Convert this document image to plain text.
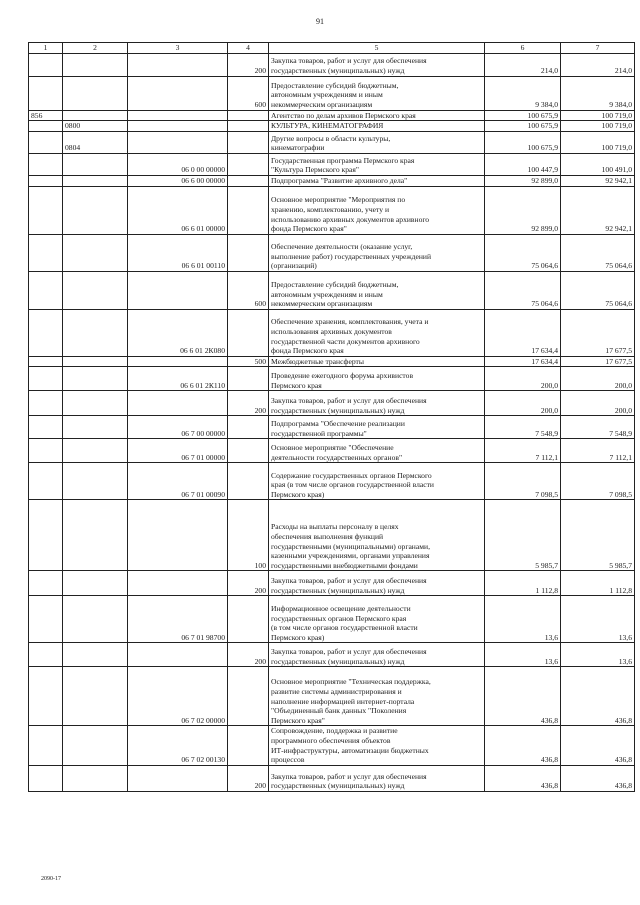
91
1	2	3	4	5	6	7
			200	Закупка товаров, работ и услуг для обеспечения
государственных (муниципальных) нужд	214,0	214,0
			600	Предоставление субсидий бюджетным,
автономным учреждениям и иным
некоммерческим организациям	9 384,0	9 384,0
856				Агентство по делам архивов Пермского края	100 675,9	100 719,0
	0800			КУЛЬТУРА, КИНЕМАТОГРАФИЯ	100 675,9	100 719,0
	0804			Другие вопросы в области культуры,
кинематографии	100 675,9	100 719,0
		06 0 00 00000		Государственная программа Пермского края
"Культура Пермского края"	100 447,9	100 491,0
		06 6 00 00000		Подпрограмма "Развитие архивного дела"	92 899,0	92 942,1
		06 6 01 00000		Основное мероприятие "Мероприятия по
хранению, комплектованию, учету и
использованию архивных документов архивного
фонда Пермского края"	92 899,0	92 942,1
		06 6 01 00110		Обеспечение деятельности (оказание услуг,
выполнение работ) государственных учреждений
(организаций)	75 064,6	75 064,6
			600	Предоставление субсидий бюджетным,
автономным учреждениям и иным
некоммерческим организациям	75 064,6	75 064,6
		06 6 01 2К080		Обеспечение хранения, комплектования, учета и
использования архивных документов
государственной части документов архивного
фонда Пермского края	17 634,4	17 677,5
			500	Межбюджетные трансферты	17 634,4	17 677,5
		06 6 01 2К110		Проведение ежегодного форума архивистов
Пермского края	200,0	200,0
			200	Закупка товаров, работ и услуг для обеспечения
государственных (муниципальных) нужд	200,0	200,0
		06 7 00 00000		Подпрограмма "Обеспечение реализации
государственной программы"	7 548,9	7 548,9
		06 7 01 00000		Основное мероприятие "Обеспечение
деятельности государственных органов"	7 112,1	7 112,1
		06 7 01 00090		Содержание государственных органов Пермского
края (в том числе органов государственной власти
Пермского края)	7 098,5	7 098,5
			100	Расходы на выплаты персоналу в целях
обеспечения выполнения функций
государственными (муниципальными) органами,
казенными учреждениями, органами управления
государственными внебюджетными фондами	5 985,7	5 985,7
			200	Закупка товаров, работ и услуг для обеспечения
государственных (муниципальных) нужд	1 112,8	1 112,8
		06 7 01 98700		Информационное освещение деятельности
государственных органов Пермского края
(в том числе органов государственной власти
Пермского края)	13,6	13,6
			200	Закупка товаров, работ и услуг для обеспечения
государственных (муниципальных) нужд	13,6	13,6
		06 7 02 00000		Основное мероприятие "Техническая поддержка,
развитие системы администрирования и
наполнение информацией интернет-портала
"Объединенный банк данных "Поколения
Пермского края"	436,8	436,8
		06 7 02 00130		Сопровождение, поддержка и развитие
программного обеспечения объектов
ИТ-инфраструктуры, автоматизации бюджетных
процессов	436,8	436,8
			200	Закупка товаров, работ и услуг для обеспечения
государственных (муниципальных) нужд	436,8	436,8
2090-17
